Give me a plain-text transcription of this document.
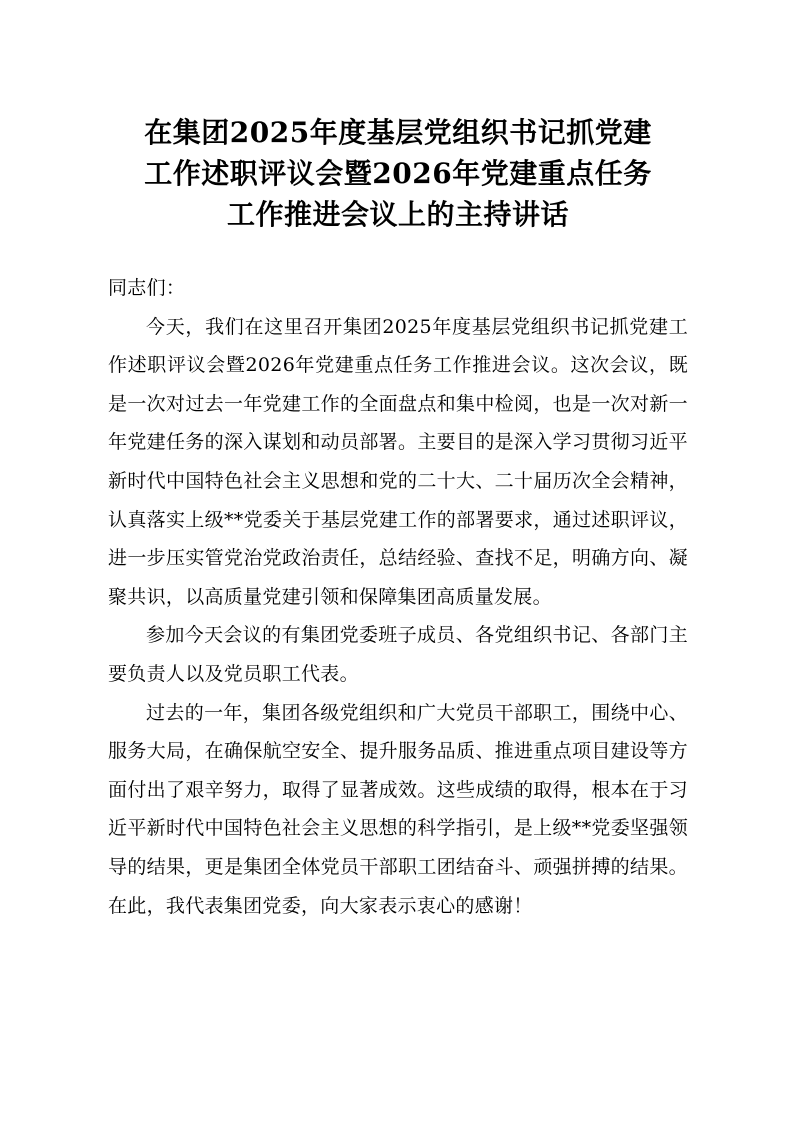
在集团2025年度基层党组织书记抓党建
工作述职评议会暨2026年党建重点任务
工作推进会议上的主持讲话

同志们：

今天，我们在这里召开集团2025年度基层党组织书记抓党建工作述职评议会暨2026年党建重点任务工作推进会议。这次会议，既是一次对过去一年党建工作的全面盘点和集中检阅，也是一次对新一年党建任务的深入谋划和动员部署。主要目的是深入学习贯彻习近平新时代中国特色社会主义思想和党的二十大、二十届历次全会精神，认真落实上级**党委关于基层党建工作的部署要求，通过述职评议，进一步压实管党治党政治责任，总结经验、查找不足，明确方向、凝聚共识，以高质量党建引领和保障集团高质量发展。

参加今天会议的有集团党委班子成员、各党组织书记、各部门主要负责人以及党员职工代表。

过去的一年，集团各级党组织和广大党员干部职工，围绕中心、服务大局，在确保航空安全、提升服务品质、推进重点项目建设等方面付出了艰辛努力，取得了显著成效。这些成绩的取得，根本在于习近平新时代中国特色社会主义思想的科学指引，是上级**党委坚强领导的结果，更是集团全体党员干部职工团结奋斗、顽强拼搏的结果。在此，我代表集团党委，向大家表示衷心的感谢！
